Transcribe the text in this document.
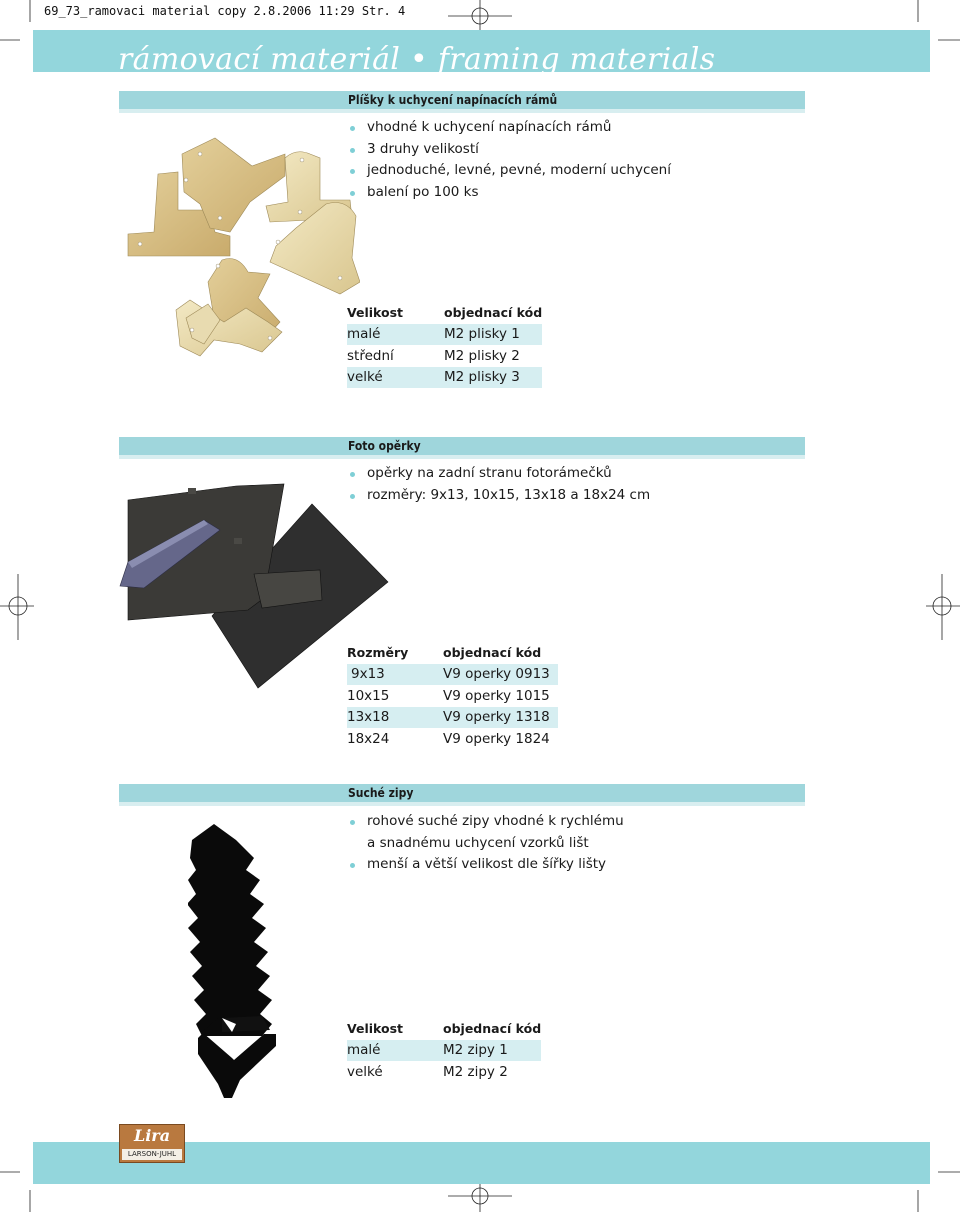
69_73_ramovaci material copy 2.8.2006 11:29 Str. 4
rámovací materiál • framing materials
Plíšky k uchycení napínacích rámů
vhodné k uchycení napínacích rámů
3 druhy velikostí
jednoduché, levné, pevné, moderní uchycení
balení po 100 ks
Velikost	objednací kód
malé	M2 plisky 1
střední	M2 plisky 2
velké	M2 plisky 3
Foto opěrky
opěrky na zadní stranu fotorámečků
rozměry: 9x13, 10x15, 13x18 a 18x24 cm
Rozměry	objednací kód
9x13	V9 operky 0913
10x15	V9 operky 1015
13x18	V9 operky 1318
18x24	V9 operky 1824
Suché zipy
rohové suché zipy vhodné k rychlému
a snadnému uchycení vzorků lišt
menší a větší velikost dle šířky lišty
Velikost	objednací kód
malé	M2 zipy 1
velké	M2 zipy 2
Lira
LARSON-JUHL
